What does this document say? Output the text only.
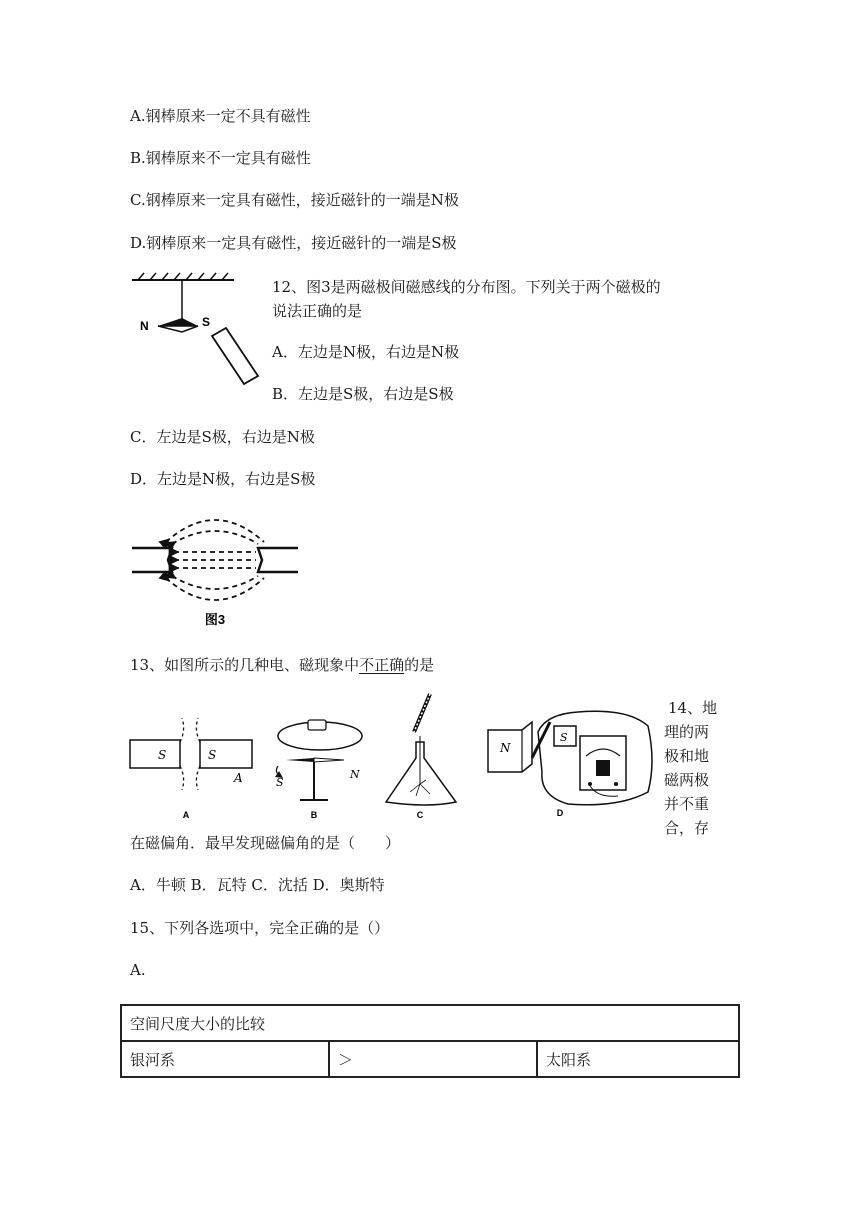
A.钢棒原来一定不具有磁性
B.钢棒原来不一定具有磁性
C.钢棒原来一定具有磁性，接近磁针的一端是N极
D.钢棒原来一定具有磁性，接近磁针的一端是S极
N	S
12、图3是两磁极间磁感线的分布图。下列关于两个磁极的
说法正确的是
A．左边是N极，右边是N极
B．左边是S极，右边是S极
C．左边是S极，右边是N极
D．左边是N极，右边是S极
图3
13、如图所示的几种电、磁现象中不正确的是
S	S
A
A
S
N
B	C
N
S
D
14、地
理的两
极和地
磁两极
并不重
合，存
在磁偏角．最早发现磁偏角的是（　　）
A．牛顿 B．瓦特 C．沈括 D．奥斯特
15、下列各选项中，完全正确的是（）
A.
空间尺度大小的比较
银河系	＞	太阳系
